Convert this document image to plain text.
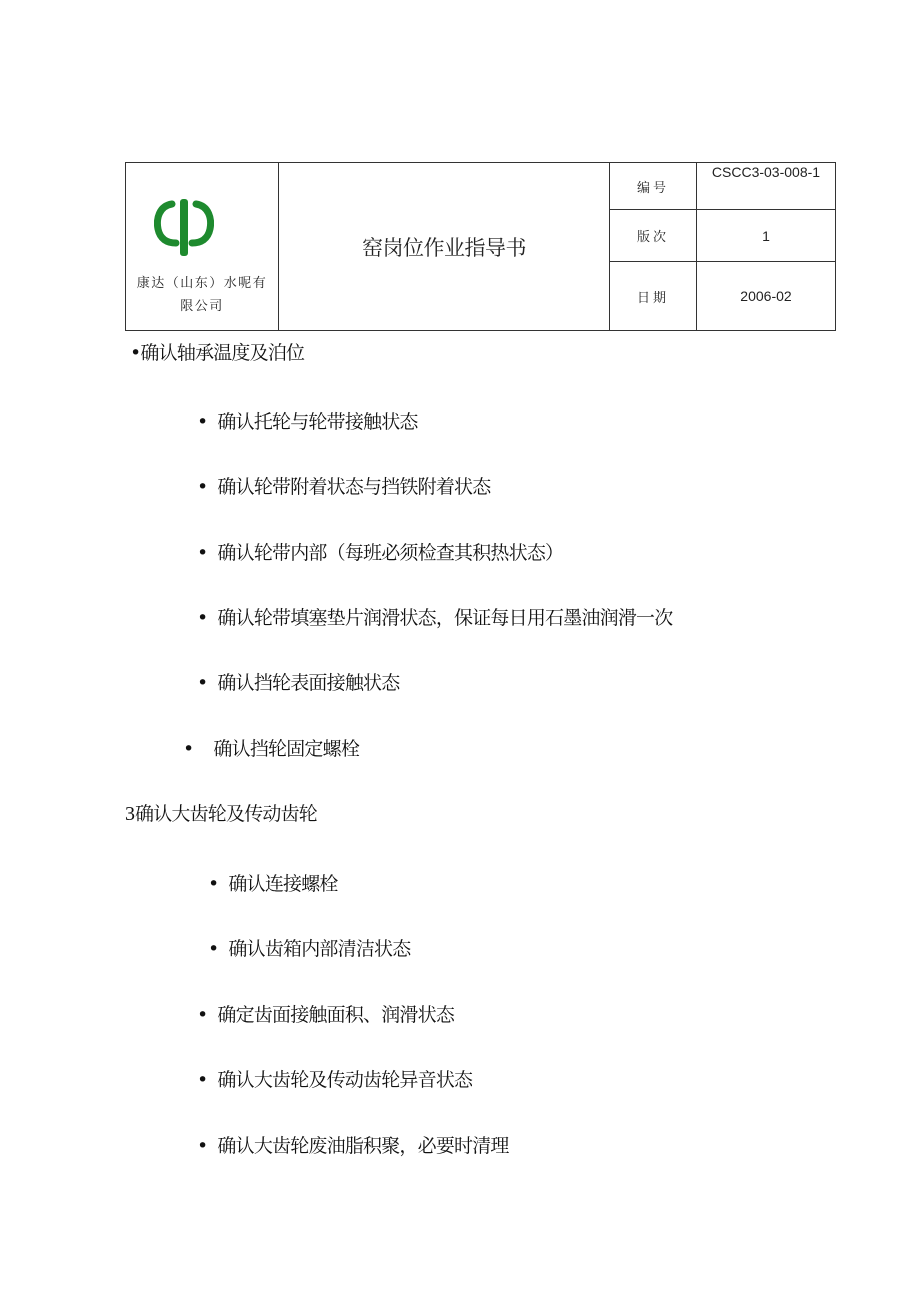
康达（山东）水呢有限公司	窑岗位作业指导书	编号	CSCC3-03-008-1

		版次	1
		日期	2006-02
•确认轴承温度及泊位
• 确认托轮与轮带接触状态
• 确认轮带附着状态与挡铁附着状态
• 确认轮带内部（每班必须检查其积热状态）
• 确认轮带填塞垫片润滑状态，保证每日用石墨油润滑一次
• 确认挡轮表面接触状态
• 确认挡轮固定螺栓
3确认大齿轮及传动齿轮
• 确认连接螺栓
• 确认齿箱内部清洁状态
• 确定齿面接触面积、润滑状态
• 确认大齿轮及传动齿轮异音状态
• 确认大齿轮废油脂积聚，必要时清理
